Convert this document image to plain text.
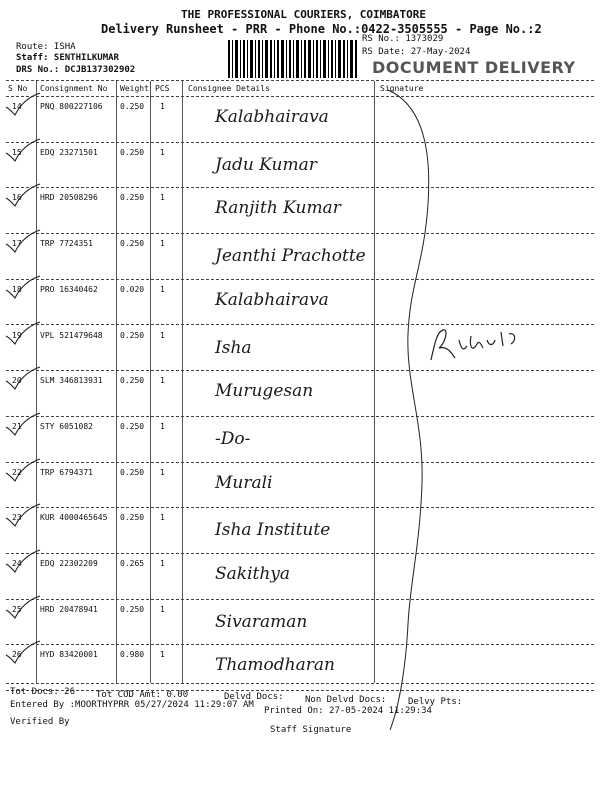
THE PROFESSIONAL COURIERS, COIMBATORE
Delivery Runsheet - PRR - Phone No.:0422-3505555 - Page No.:2
Route: ISHA
Staff: SENTHILKUMAR
DRS No.: DCJB137302902
RS No.: 1373029
RS Date: 27-May-2024
DOCUMENT DELIVERY
S No Consignment No Weight PCS Consignee Details	Signature
14 PNQ 800227106 0.250 1
Kalabhairava
15 EDQ 23271501	0.250 1
Jadu Kumar
16 HRD 20508296	0.250 1
Ranjith Kumar
17 TRP 7724351	0.250 1
Jeanthi Prachotte
18 PRO 16340462	0.020 1
Kalabhairava
19 VPL 521479648 0.250 1
Isha
20 SLM 346813931 0.250 1
Murugesan
21 STY 6051082	0.250 1
-Do-
22 TRP 6794371	0.250 1
Murali
23 KUR 4000465645 0.250 1
Isha Institute
24 EDQ 22302209	0.265 1
Sakithya
25 HRD 20478941	0.250 1
Sivaraman
26 HYD 83420001	0.980 1
Thamodharan
Tot Docs: 26 Tot COD Amt: 0.00	Delvd Docs: Non Delvd Docs: Delvy Pts:
Entered By :MOORTHYPRR 05/27/2024 11:29:07 AM
Printed On: 27-05-2024 11:29:34
Verified By
Staff Signature
